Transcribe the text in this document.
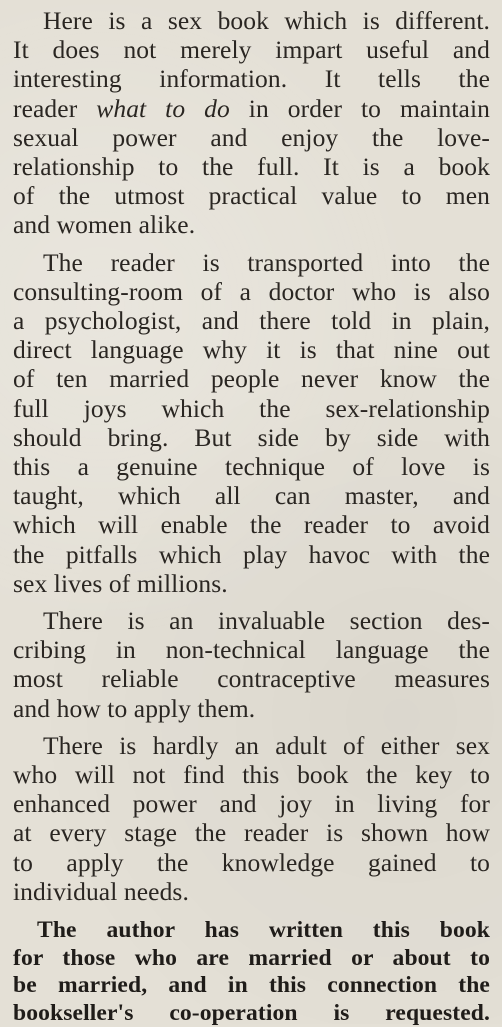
Here is a sex book which is different.
It does not merely impart useful and
interesting information. It tells the
reader what to do in order to maintain
sexual power and enjoy the love-
relationship to the full. It is a book
of the utmost practical value to men
and women alike.

The reader is transported into the
consulting-room of a doctor who is also
a psychologist, and there told in plain,
direct language why it is that nine out
of ten married people never know the
full joys which the sex-relationship
should bring. But side by side with
this a genuine technique of love is
taught, which all can master, and
which will enable the reader to avoid
the pitfalls which play havoc with the
sex lives of millions.

There is an invaluable section des-
cribing in non-technical language the
most reliable contraceptive measures
and how to apply them.

There is hardly an adult of either sex
who will not find this book the key to
enhanced power and joy in living for
at every stage the reader is shown how
to apply the knowledge gained to
individual needs.

The author has written this book
for those who are married or about to
be married, and in this connection the
bookseller's co-operation is requested.
